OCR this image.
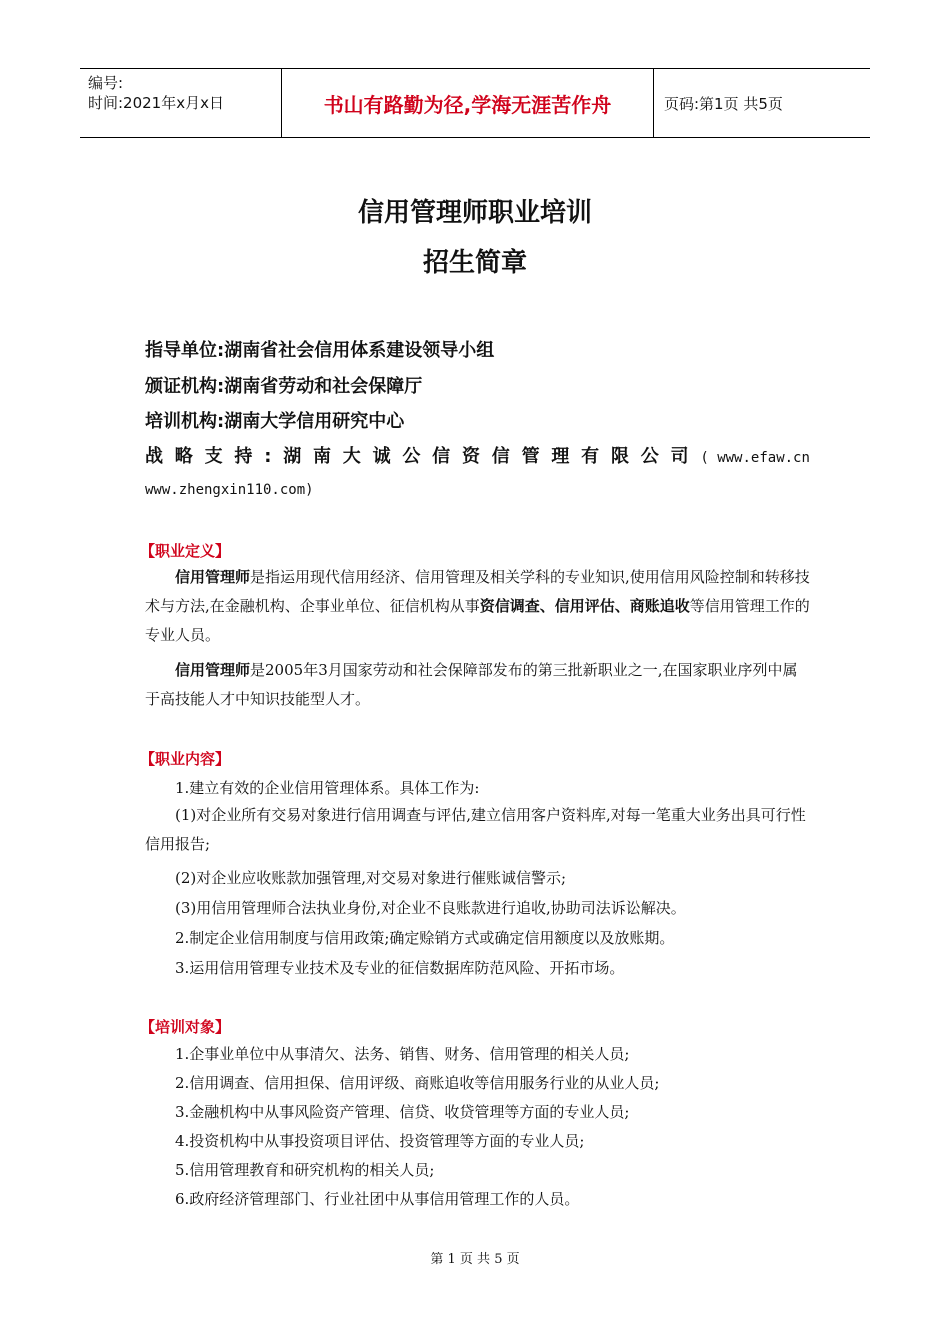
编号:
时间:2021年x月x日	书山有路勤为径,学海无涯苦作舟	页码:第1页 共5页
信用管理师职业培训
招生简章
指导单位:湖南省社会信用体系建设领导小组
颁证机构:湖南省劳动和社会保障厅
培训机构:湖南大学信用研究中心
战 略 支 持 : 湖 南 大 诚 公 信 资 信 管 理 有 限 公 司 ( www.efaw.cn
www.zhengxin110.com)
【职业定义】
信用管理师是指运用现代信用经济、信用管理及相关学科的专业知识,使用信用风险控制和转移技术与方法,在金融机构、企事业单位、征信机构从事资信调查、信用评估、商账追收等信用管理工作的专业人员。
信用管理师是2005年3月国家劳动和社会保障部发布的第三批新职业之一,在国家职业序列中属于高技能人才中知识技能型人才。
【职业内容】
1.建立有效的企业信用管理体系。具体工作为:
(1)对企业所有交易对象进行信用调查与评估,建立信用客户资料库,对每一笔重大业务出具可行性信用报告;
(2)对企业应收账款加强管理,对交易对象进行催账诚信警示;
(3)用信用管理师合法执业身份,对企业不良账款进行追收,协助司法诉讼解决。
2.制定企业信用制度与信用政策;确定赊销方式或确定信用额度以及放账期。
3.运用信用管理专业技术及专业的征信数据库防范风险、开拓市场。
【培训对象】
1.企事业单位中从事清欠、法务、销售、财务、信用管理的相关人员;
2.信用调查、信用担保、信用评级、商账追收等信用服务行业的从业人员;
3.金融机构中从事风险资产管理、信贷、收贷管理等方面的专业人员;
4.投资机构中从事投资项目评估、投资管理等方面的专业人员;
5.信用管理教育和研究机构的相关人员;
6.政府经济管理部门、行业社团中从事信用管理工作的人员。
第 1 页 共 5 页
